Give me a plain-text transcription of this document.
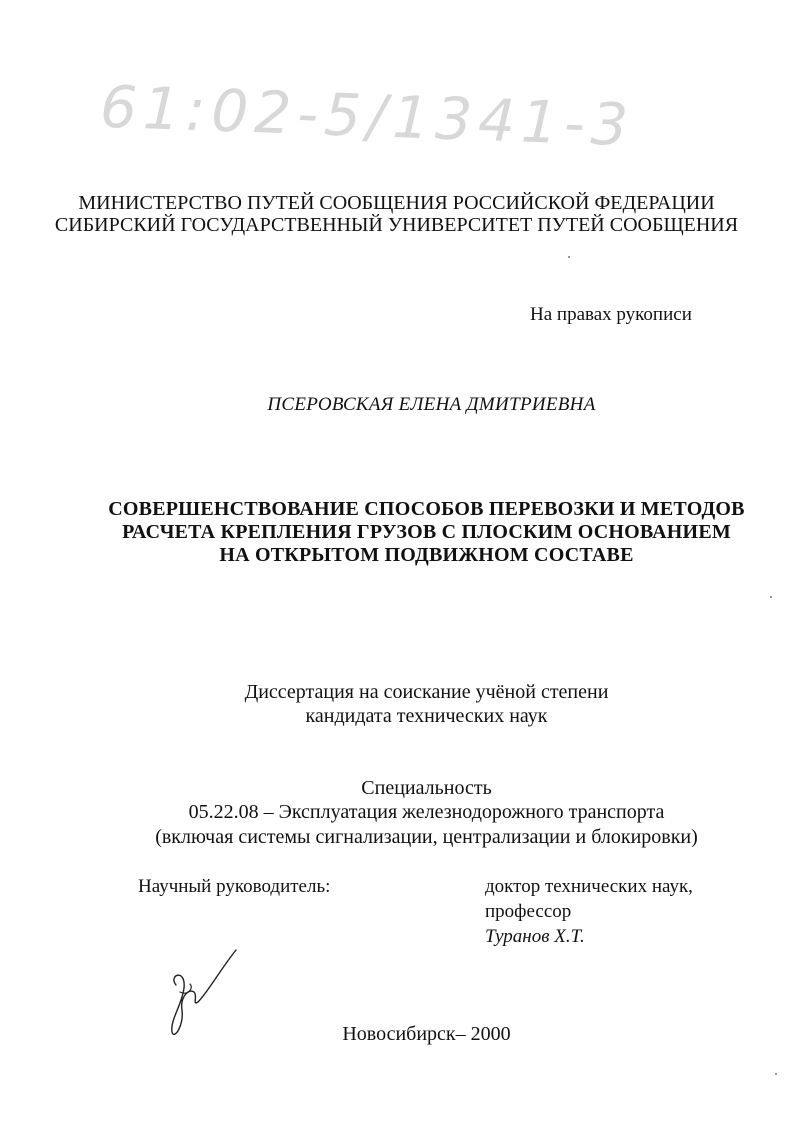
61:02-5/1341-3
МИНИСТЕРСТВО ПУТЕЙ СООБЩЕНИЯ РОССИЙСКОЙ ФЕДЕРАЦИИ
СИБИРСКИЙ ГОСУДАРСТВЕННЫЙ УНИВЕРСИТЕТ ПУТЕЙ СООБЩЕНИЯ
На правах рукописи
ПСЕРОВСКАЯ ЕЛЕНА ДМИТРИЕВНА
СОВЕРШЕНСТВОВАНИЕ СПОСОБОВ ПЕРЕВОЗКИ И МЕТОДОВ
РАСЧЕТА КРЕПЛЕНИЯ ГРУЗОВ С ПЛОСКИМ ОСНОВАНИЕМ
НА ОТКРЫТОМ ПОДВИЖНОМ СОСТАВЕ
Диссертация на соискание учёной степени
кандидата технических наук
Специальность
05.22.08 – Эксплуатация железнодорожного транспорта
(включая системы сигнализации, централизации и блокировки)
Научный руководитель:	доктор технических наук,
профессор
Туранов Х.Т.
Новосибирск– 2000
